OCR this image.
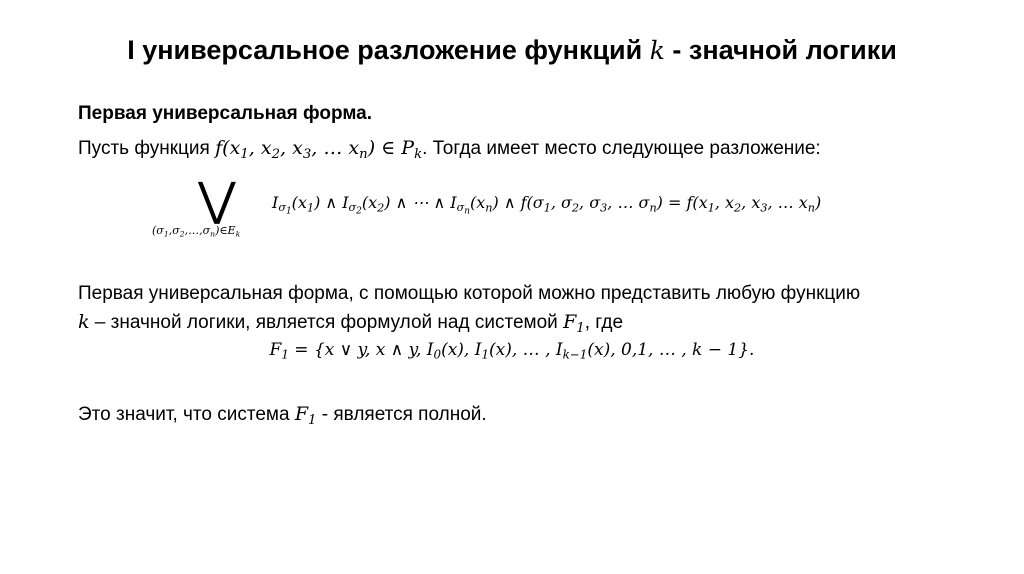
I универсальное разложение функций k - значной логики
Первая универсальная форма.
Пусть функция $f(x_1$, $x_2$, $x_3$, … $x_n$) ∈ $P_k$. Тогда имеет место следующее разложение:
⋁
$(\sigma_1,\sigma_2,\dots,\sigma_n)\in E_k$
$I_{\sigma_1}(x_1)$ ∧ $I_{\sigma_2}(x_2)$ ∧ ⋯ ∧ $I_{\sigma_n}(x_n)$ ∧ $f(\sigma_1$, $\sigma_2$, $\sigma_3$, … $\sigma_n) = f(x_1$, $x_2$, $x_3$, … $x_n$)
Первая универсальная форма, с помощью которой можно представить любую функцию
k – значной логики, является формулой над системой $F_1$, где
$F_1 = \{x$ ∨ y, x ∧ y, $I_0(x)$, $I_1(x)$, … , $I_{k-1}(x)$, 0,1, … , k − 1}.
Это значит, что система $F_1$ - является полной.
